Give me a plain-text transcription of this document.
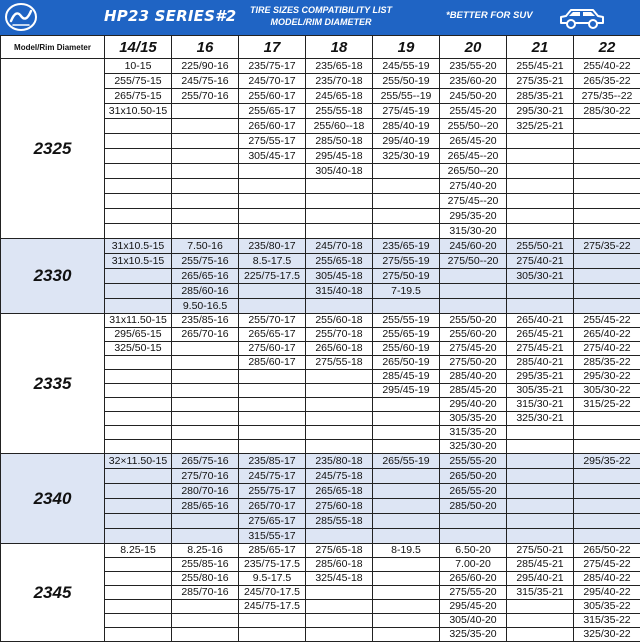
HP23 SERIES#2	TIRE SIZES COMPATIBILITY LIST
MODEL/RIM DIAMETER
*BETTER FOR SUV
Model/Rim Diameter	14/15	16	17	18	19	20	21	22
2325	10-15	225/90-16	235/75-17	235/65-18	245/55-19	235/55-20	255/45-21	255/40-22
	255/75-15	245/75-16	245/70-17	235/70-18	255/50-19	235/60-20	275/35-21	265/35-22
	265/75-15	255/70-16	255/60-17	245/65-18	255/55--19	245/50-20	285/35-21	275/35--22
	31x10.50-15		255/65-17	255/55-18	275/45-19	255/45-20	295/30-21	285/30-22
			265/60-17	255/60--18	285/40-19	255/50--20	325/25-21	
			275/55-17	285/50-18	295/40-19	265/45-20		
			305/45-17	295/45-18	325/30-19	265/45--20		
				305/40-18		265/50--20		
						275/40-20		
						275/45--20		
						295/35-20		
						315/30-20		
2330	31x10.5-15	7.50-16	235/80-17	245/70-18	235/65-19	245/60-20	255/50-21	275/35-22
	31x10.5-15	255/75-16	8.5-17.5	255/65-18	275/55-19	275/50--20	275/40-21	
		265/65-16	225/75-17.5	305/45-18	275/50-19		305/30-21	
		285/60-16		315/40-18	7-19.5			
		9.50-16.5						
2335	31x11.50-15	235/85-16	255/70-17	255/60-18	255/55-19	255/50-20	265/40-21	255/45-22
	295/65-15	265/70-16	265/65-17	255/70-18	255/65-19	255/60-20	265/45-21	265/40-22
	325/50-15		275/60-17	265/60-18	255/60-19	275/45-20	275/45-21	275/40-22
			285/60-17	275/55-18	265/50-19	275/50-20	285/40-21	285/35-22
					285/45-19	285/40-20	295/35-21	295/30-22
					295/45-19	285/45-20	305/35-21	305/30-22
						295/40-20	315/30-21	315/25-22
						305/35-20	325/30-21	
						315/35-20		
						325/30-20		
2340	32×11.50-15	265/75-16	235/85-17	235/80-18	265/55-19	255/55-20		295/35-22
		275/70-16	245/75-17	245/75-18		265/50-20		
		280/70-16	255/75-17	265/65-18		265/55-20		
		285/65-16	265/70-17	275/60-18		285/50-20		
			275/65-17	285/55-18				
			315/55-17					
2345	8.25-15	8.25-16	285/65-17	275/65-18	8-19.5	6.50-20	275/50-21	265/50-22
		255/85-16	235/75-17.5	285/60-18		7.00-20	285/45-21	275/45-22
		255/80-16	9.5-17.5	325/45-18		265/60-20	295/40-21	285/40-22
		285/70-16	245/70-17.5			275/55-20	315/35-21	295/40-22
			245/75-17.5			295/45-20		305/35-22
						305/40-20		315/35-22
						325/35-20		325/30-22
